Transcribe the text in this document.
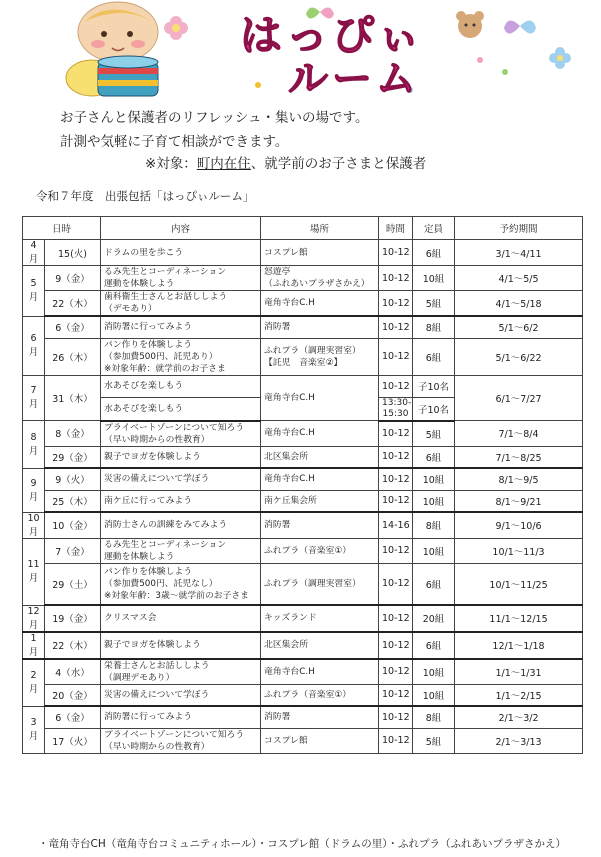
はっぴぃ
ルーム
お子さんと保護者のリフレッシュ・集いの場です。
計測や気軽に子育て相談ができます。
※対象：町内在住、就学前のお子さまと保護者
令和７年度　出張包括「はっぴぃルーム」
日時		内容	場所	時間	定員	予約期間
4月	15(火)	ドラムの里を歩こう	コスプレ館	10-12	6組	3/1～4/11
5月	9（金）	るみ先生とコーディネーション
運動を体験しよう	怒遊亭
（ふれあいプラザさかえ）	10-12	10組	4/1～5/5
	22（木）	歯科衛生士さんとお話ししよう
（デモあり）	竜角寺台C.H	10-12	5組	4/1～5/18
6月	6（金）	消防署に行ってみよう	消防署	10-12	8組	5/1～6/2
	26（木）	パン作りを体験しよう
（参加費500円、託児あり）
※対象年齢：就学前のお子さま	ふれプラ（調理実習室）
【託児　音楽室②】	10-12	6組	5/1～6/22
7月	31（木）	水あそびを楽しもう	竜角寺台C.H	10-12	子10名	6/1～7/27

		水あそびを楽しもう		13:30-15:30	子10名	
8月	8（金）	プライベートゾーンについて知ろう
（早い時期からの性教育）	竜角寺台C.H	10-12	5組	7/1～8/4
	29（金）	親子でヨガを体験しよう	北区集会所	10-12	6組	7/1～8/25
9月	9（火）	災害の備えについて学ぼう	竜角寺台C.H	10-12	10組	8/1～9/5
	25（木）	南ケ丘に行ってみよう	南ケ丘集会所	10-12	10組	8/1～9/21
10月	10（金）	消防士さんの訓練をみてみよう	消防署	14-16	8組	9/1～10/6
11月	7（金）	るみ先生とコーディネーション
運動を体験しよう	ふれプラ（音楽室①）	10-12	10組	10/1～11/3
	29（土）	パン作りを体験しよう
（参加費500円、託児なし）
※対象年齢：3歳～就学前のお子さま	ふれプラ（調理実習室）	10-12	6組	10/1～11/25
12月	19（金）	クリスマス会	キッズランド	10-12	20組	11/1～12/15
1月	22（木）	親子でヨガを体験しよう	北区集会所	10-12	6組	12/1～1/18
2月	4（水）	栄養士さんとお話ししよう
（調理デモあり）	竜角寺台C.H	10-12	10組	1/1～1/31
	20（金）	災害の備えについて学ぼう	ふれプラ（音楽室①）	10-12	10組	1/1～2/15
3月	6（金）	消防署に行ってみよう	消防署	10-12	8組	2/1～3/2
	17（火）	プライベートゾーンについて知ろう
（早い時期からの性教育）	コスプレ館	10-12	5組	2/1～3/13
・竜角寺台CH（竜角寺台コミュニティホール）・コスプレ館（ドラムの里）・ふれプラ（ふれあいプラザさかえ）
